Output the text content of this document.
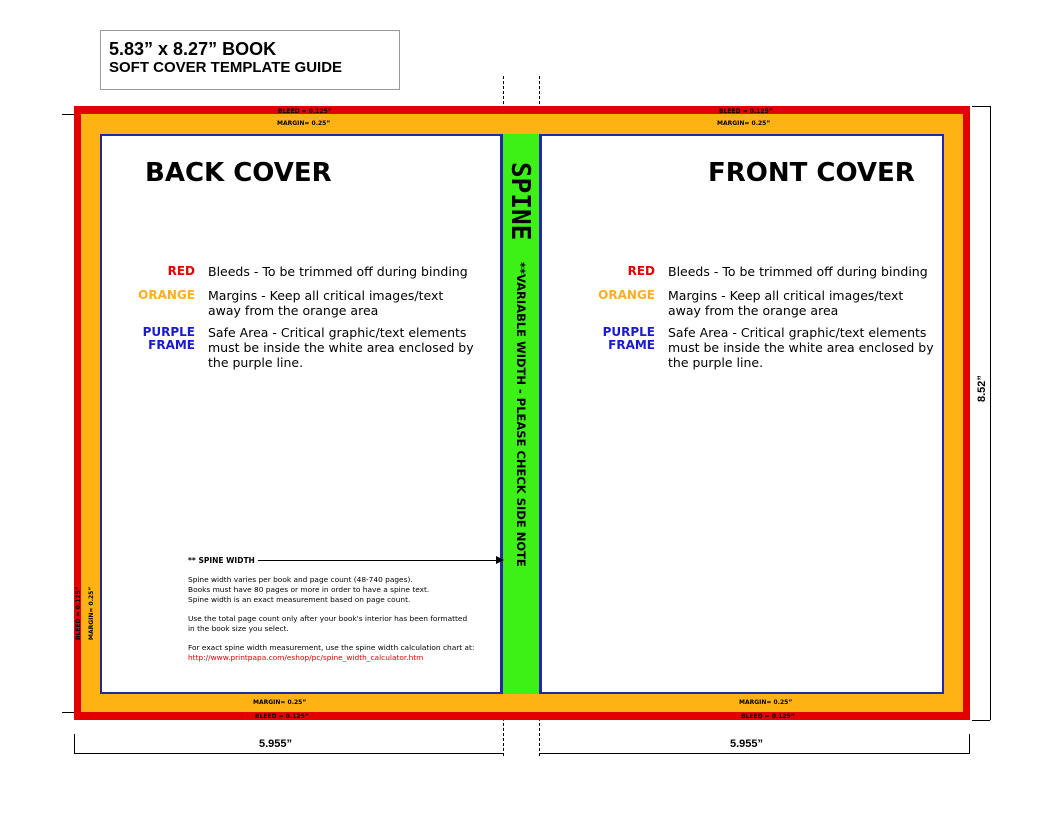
5.83” x 8.27” BOOK
SOFT COVER TEMPLATE GUIDE
BLEED = 0.125”	BLEED = 0.125”
MARGIN= 0.25”	MARGIN= 0.25”
MARGIN= 0.25”	MARGIN= 0.25”
BLEED = 0.125”	BLEED = 0.125”
BLEED = 0.125” MARGIN= 0.25”
BACK COVER
RED Bleeds - To be trimmed off during binding
ORANGE Margins - Keep all critical images/text away from the orange area
PURPLE FRAME
Safe Area - Critical graphic/text elements must be inside the white area enclosed by the purple line.
FRONT COVER
RED Bleeds - To be trimmed off during binding
ORANGE Margins - Keep all critical images/text away from the orange area
PURPLE FRAME
Safe Area - Critical graphic/text elements must be inside the white area enclosed by the purple line.
SPINE
**VARIABLE WIDTH - PLEASE CHECK SIDE NOTE
** SPINE WIDTH
Spine width varies per book and page count (48-740 pages).
Books must have 80 pages or more in order to have a spine text.
Spine width is an exact measurement based on page count.
Use the total page count only after your book's interior has been formatted
in the book size you select.
For exact spine width measurement, use the spine width calculation chart at:
http://www.printpapa.com/eshop/pc/spine_width_calculator.htm
5.955”	5.955”
8.52”
